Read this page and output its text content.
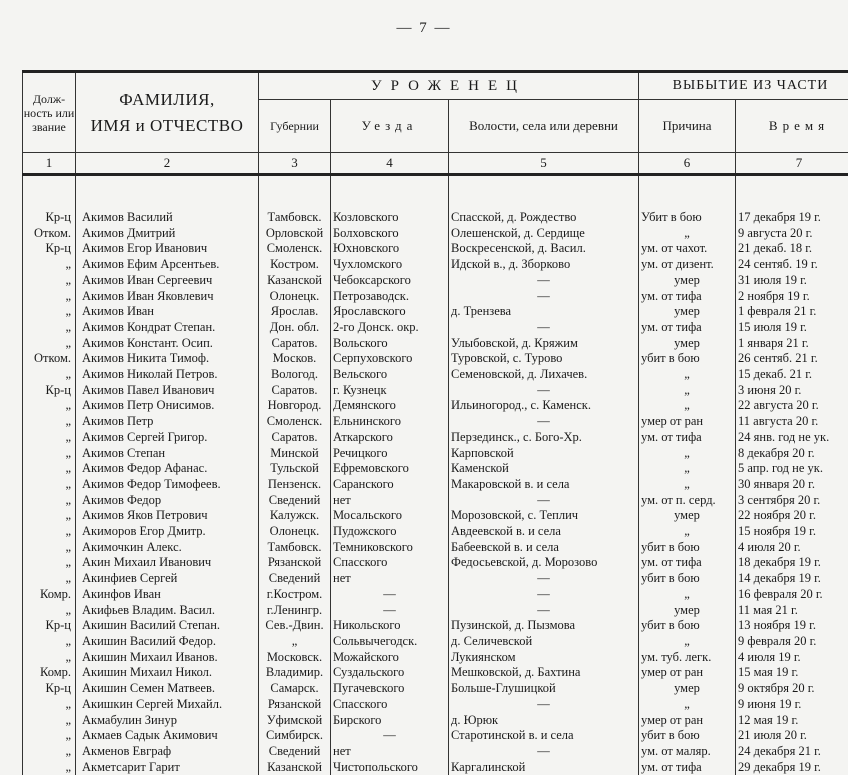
— 7 —
Долж-ность или звание	ФАМИЛИЯ,
ИМЯ и ОТЧЕСТВО	УРОЖЕНЕЦ			ВЫБЫТИЕ ИЗ ЧАСТИ	
		Губернии	Уезда	Волости, села или деревни	Причина	Время
1	2	3	4	5	6	7

Кр-ц	Акимов Василий	Тамбовск.	Козловского	Спасской, д. Рождество	Убит в бою	17 декабря 19 г.
Отком.	Акимов Дмитрий	Орловской	Болховского	Олешенской, д. Сердище	„	9 августа 20 г.
Кр-ц	Акимов Егор Иванович	Смоленск.	Юхновского	Воскресенской, д. Васил.	ум. от чахот.	21 декаб. 18 г.
„	Акимов Ефим Арсентьев.	Костром.	Чухломского	Идской в., д. Зборково	ум. от дизент.	24 сентяб. 19 г.
„	Акимов Иван Сергеевич	Казанской	Чебоксарского	—	умер	31 июля 19 г.
„	Акимов Иван Яковлевич	Олонецк.	Петрозаводск.	—	ум. от тифа	2 ноября 19 г.
„	Акимов Иван	Ярослав.	Ярославского	д. Трензева	умер	1 февраля 21 г.
„	Акимов Кондрат Степан.	Дон. обл.	2-го Донск. окр.	—	ум. от тифа	15 июля 19 г.
„	Акимов Констант. Осип.	Саратов.	Вольского	Улыбовской, д. Кряжим	умер	1 января 21 г.
Отком.	Акимов Никита Тимоф.	Москов.	Серпуховского	Туровской, с. Турово	убит в бою	26 сентяб. 21 г.
„	Акимов Николай Петров.	Вологод.	Вельского	Семеновской, д. Лихачев.	„	15 декаб. 21 г.
Кр-ц	Акимов Павел Иванович	Саратов.	г. Кузнецк	—	„	3 июня 20 г.
„	Акимов Петр Онисимов.	Новгород.	Демянского	Ильиногород., с. Каменск.	„	22 августа 20 г.
„	Акимов Петр	Смоленск.	Ельнинского	—	умер от ран	11 августа 20 г.
„	Акимов Сергей Григор.	Саратов.	Аткарского	Перзединск., с. Бого-Хр.	ум. от тифа	24 янв. год не ук.
„	Акимов Степан	Минской	Речицкого	Карповской	„	8 декабря 20 г.
„	Акимов Федор Афанас.	Тульской	Ефремовского	Каменской	„	5 апр. год не ук.
„	Акимов Федор Тимофеев.	Пензенск.	Саранского	Макаровской в. и села	„	30 января 20 г.
„	Акимов Федор	Сведений	нет	—	ум. от п. серд.	3 сентября 20 г.
„	Акимов Яков Петрович	Калужск.	Мосальского	Морозовской, с. Теплич	умер	22 ноября 20 г.
„	Акиморов Егор Дмитр.	Олонецк.	Пудожского	Авдеевской в. и села	„	15 ноября 19 г.
„	Акимочкин Алекс.	Тамбовск.	Темниковского	Бабеевской в. и села	убит в бою	4 июля 20 г.
„	Акин Михаил Иванович	Рязанской	Спасского	Федосьевской, д. Морозово	ум. от тифа	18 декабря 19 г.
„	Акинфиев Сергей	Сведений	нет	—	убит в бою	14 декабря 19 г.
Комр.	Акинфов Иван	г.Костром.	—	—	„	16 февраля 20 г.
„	Акифьев Владим. Васил.	г.Ленингр.	—	—	умер	11 мая 21 г.
Кр-ц	Акишин Василий Степан.	Сев.-Двин.	Никольского	Пузинской, д. Пызмова	убит в бою	13 ноября 19 г.
„	Акишин Василий Федор.	„	Сольвычегодск.	д. Селичевской	„	9 февраля 20 г.
„	Акишин Михаил Иванов.	Московск.	Можайского	Лукиянском	ум. туб. легк.	4 июля 19 г.
Комр.	Акишин Михаил Никол.	Владимир.	Суздальского	Мешковской, д. Бахтина	умер от ран	15 мая 19 г.
Кр-ц	Акишин Семен Матвеев.	Самарск.	Пугачевского	Больше-Глушицкой	умер	9 октября 20 г.
„	Акишкин Сергей Михайл.	Рязанской	Спасского	—	„	9 июня 19 г.
„	Акмабулин Зинур	Уфимской	Бирского	д. Юрюк	умер от ран	12 мая 19 г.
„	Акмаев Садык Акимович	Симбирск.	—	Старотинской в. и села	убит в бою	21 июля 20 г.
„	Акменов Евграф	Сведений	нет	—	ум. от маляр.	24 декабря 21 г.
„	Акметсарит Гарит	Казанской	Чистопольского	Каргалинской	ум. от тифа	29 декабря 19 г.
